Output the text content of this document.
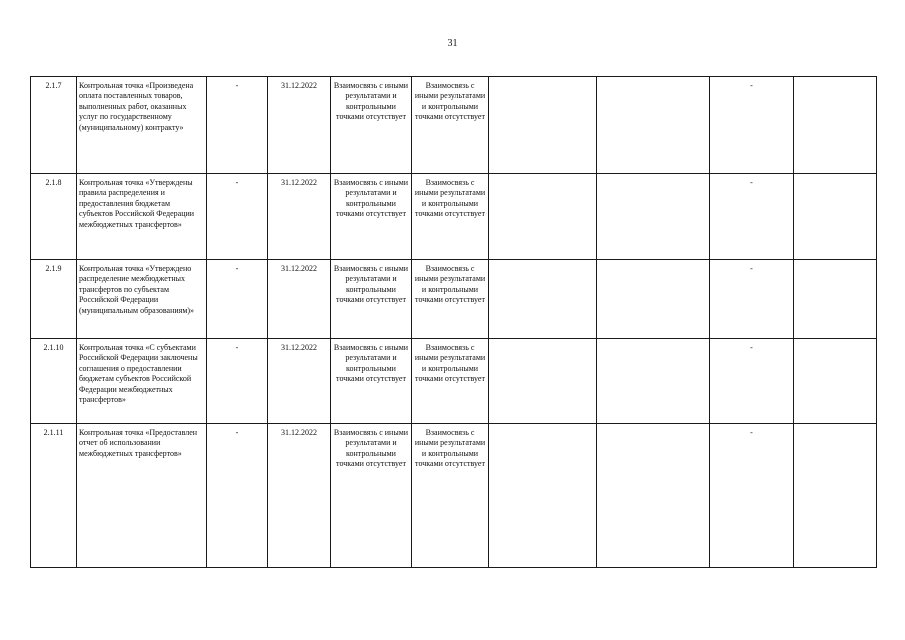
31
2.1.7	Контрольная точка «Произведена оплата поставленных товаров, выполненных работ, оказанных услуг по государственному (муниципальному) контракту»	-	31.12.2022	Взаимосвязь с иными результатами и контрольными точками отсутствует	Взаимосвязь с иными результатами и контрольными точками отсутствует			-	
2.1.8	Контрольная точка «Утверждены правила распределения и предоставления бюджетам субъектов Российской Федерации межбюджетных трансфертов»	-	31.12.2022	Взаимосвязь с иными результатами и контрольными точками отсутствует	Взаимосвязь с иными результатами и контрольными точками отсутствует			-	
2.1.9	Контрольная точка «Утверждено распределение межбюджетных трансфертов по субъектам Российской Федерации (муниципальным образованиям)»	-	31.12.2022	Взаимосвязь с иными результатами и контрольными точками отсутствует	Взаимосвязь с иными результатами и контрольными точками отсутствует			-	
2.1.10	Контрольная точка «С субъектами Российской Федерации заключены соглашения о предоставлении бюджетам субъектов Российской Федерации межбюджетных трансфертов»	-	31.12.2022	Взаимосвязь с иными результатами и контрольными точками отсутствует	Взаимосвязь с иными результатами и контрольными точками отсутствует			-	
2.1.11	Контрольная точка «Предоставлен отчет об использовании межбюджетных трансфертов»	-	31.12.2022	Взаимосвязь с иными результатами и контрольными точками отсутствует	Взаимосвязь с иными результатами и контрольными точками отсутствует			-	
